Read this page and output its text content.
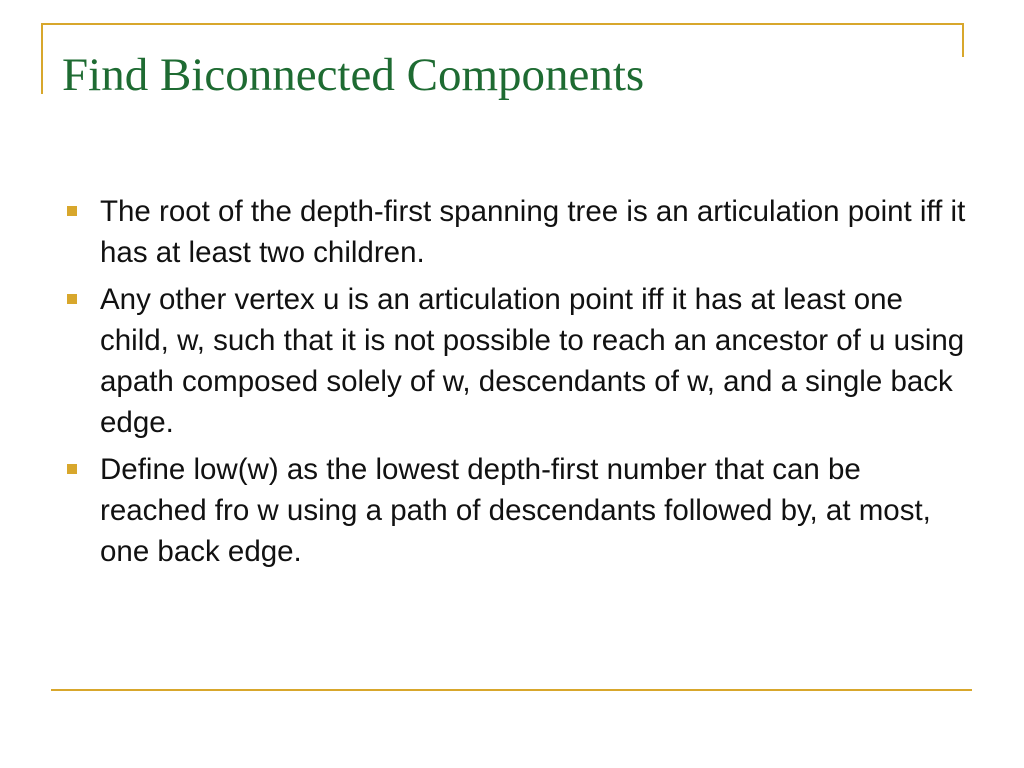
Find Biconnected Components
The root of the depth-first spanning tree is an articulation point iff it has at least two children.
Any other vertex u is an articulation point iff it has at least one child, w, such that it is not possible to reach an ancestor of u using apath composed solely of w, descendants of w, and a single back edge.
Define low(w) as the lowest depth-first number that can be reached fro w using a path of descendants followed by, at most, one back edge.
